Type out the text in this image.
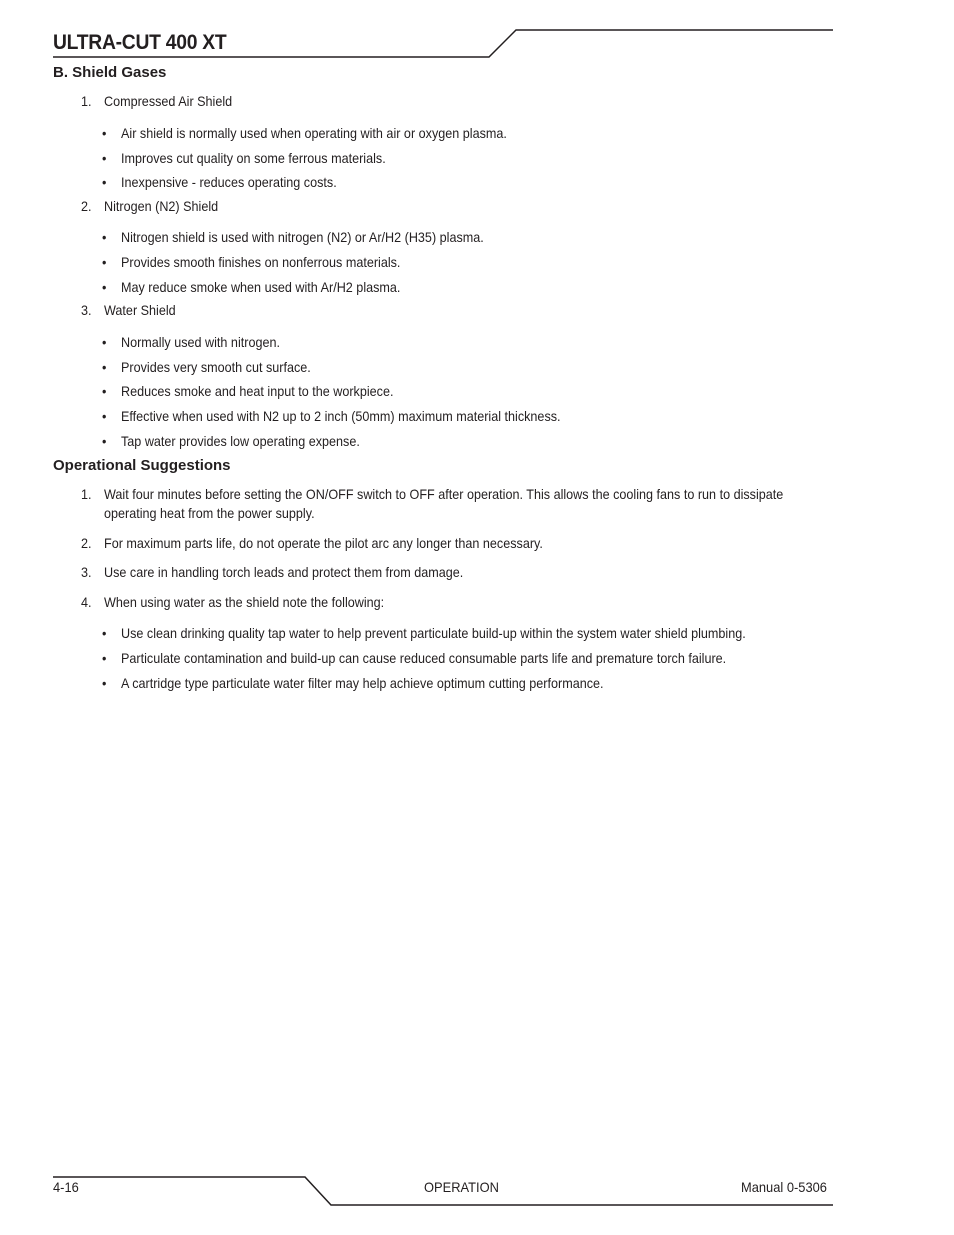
ULTRA-CUT 400 XT
B. Shield Gases
1. Compressed Air Shield
• Air shield is normally used when operating with air or oxygen plasma.
• Improves cut quality on some ferrous materials.
• Inexpensive - reduces operating costs.
2. Nitrogen (N2) Shield
• Nitrogen shield is used with nitrogen (N2) or Ar/H2 (H35) plasma.
• Provides smooth finishes on nonferrous materials.
• May reduce smoke when used with Ar/H2 plasma.
3. Water Shield
• Normally used with nitrogen.
• Provides very smooth cut surface.
• Reduces smoke and heat input to the workpiece.
• Effective when used with N2 up to 2 inch (50mm) maximum material thickness.
• Tap water provides low operating expense.
Operational Suggestions
1. Wait four minutes before setting the ON/OFF switch to OFF after operation. This allows the cooling fans to run to dissipate
operating heat from the power supply.
2. For maximum parts life, do not operate the pilot arc any longer than necessary.
3. Use care in handling torch leads and protect them from damage.
4. When using water as the shield note the following:
• Use clean drinking quality tap water to help prevent particulate build-up within the system water shield plumbing.
• Particulate contamination and build-up can cause reduced consumable parts life and premature torch failure.
• A cartridge type particulate water filter may help achieve optimum cutting performance.
4-16	OPERATION	Manual 0-5306
